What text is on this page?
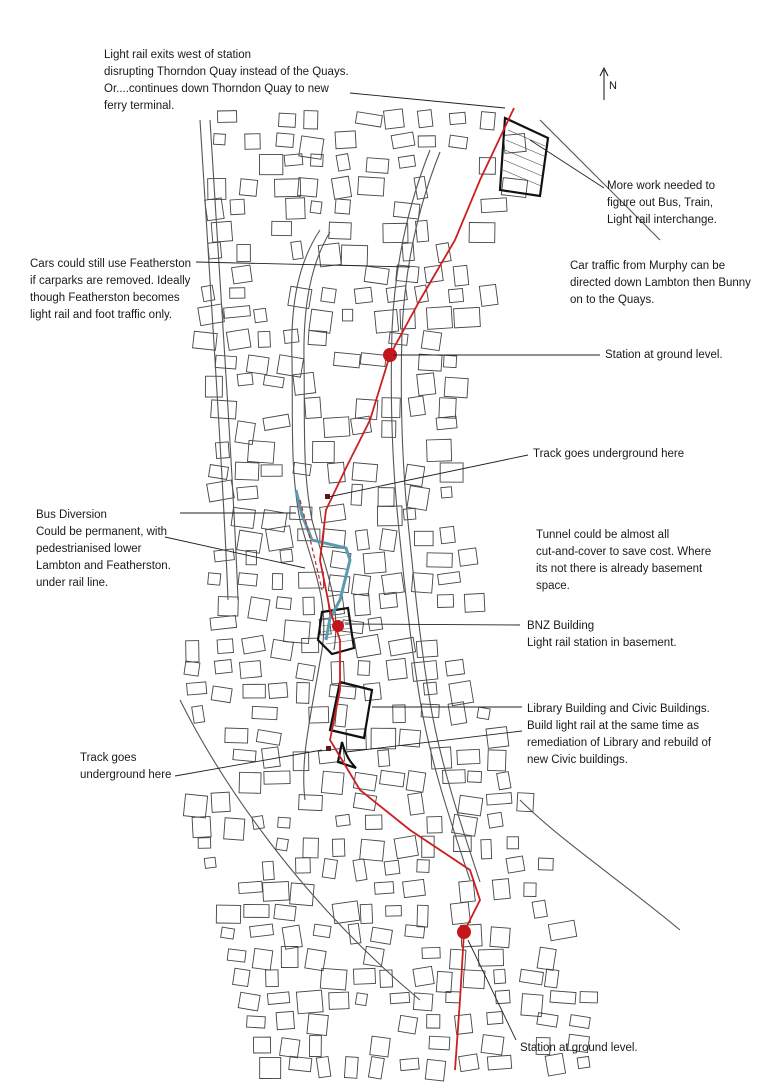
N
Light rail exits west of station
disrupting Thorndon Quay instead of the Quays.
Or....continues down Thorndon Quay to new
ferry terminal.
More work needed to
figure out Bus, Train,
Light rail interchange.
Cars could still use Featherston
if carparks are removed. Ideally
though Featherston becomes
light rail and foot traffic only.
Car traffic from Murphy can be
directed down Lambton then Bunny
on to the Quays.
Station at ground level.
Track goes underground here
Bus Diversion
Could be permanent, with
pedestrianised lower
Lambton and Featherston.
under rail line.
Tunnel could be almost all
cut-and-cover to save cost. Where
its not there is already basement
space.
BNZ Building
Light rail station in basement.
Library Building and Civic Buildings.
Build light rail at the same time as
remediation of Library and rebuild of
new Civic buildings.
Track goes
underground here
Station at ground level.
